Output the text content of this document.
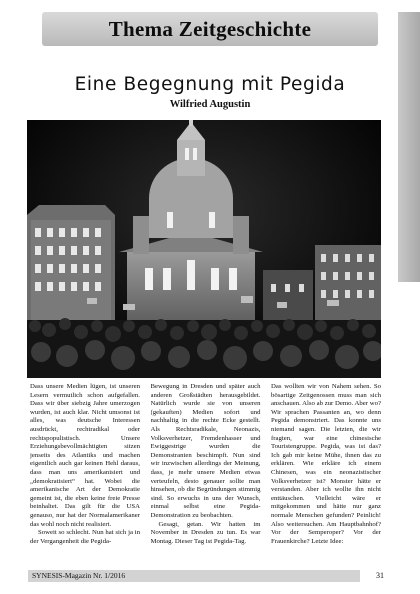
Thema Zeitgeschichte
Eine Begegnung mit Pegida
Wilfried Augustin

Dass unsere Medien lügen, ist unseren Lesern vermutlich schon aufgefallen. Dass wir über siebzig Jahre umerzogen wurden, ist auch klar. Nicht umsonst ist alles, was deutsche Interessen ausdrückt, rechtradikal oder rechtspopulistisch. Unsere Erziehungsbevollmächtigten sitzen jenseits des Atlantiks und machen eigentlich auch gar keinen Hehl daraus, dass man uns amerikanisiert und „demokratisiert“ hat. Wobei die amerikanische Art der Demokratie gemeint ist, die eben keine freie Presse beinhaltet. Das gilt für die USA genauso, nur hat der Normalamerikaner das wohl noch nicht realisiert.

Soweit so schlecht. Nun hat sich ja in der Vergangenheit die Pegida-

Bewegung in Dresden und später auch anderen Großstädten herausgebildet. Natürlich wurde sie von unseren (gekauften) Medien sofort und nachhaltig in die rechte Ecke gestellt. Als Rechtsradikale, Neonazis, Volksverhetzer, Fremdenhasser und Ewiggestrige wurden die Demonstranten beschimpft. Nun sind wir inzwischen allerdings der Meinung, dass, je mehr unsere Medien etwas verteufeln, desto genauer sollte man hinsehen, ob die Begründungen stimmig sind. So erwuchs in uns der Wunsch, einmal selbst eine Pegida-Demonstration zu beobachten.

Gesagt, getan. Wir hatten im November in Dresden zu tun. Es war Montag. Dieser Tag ist Pegida-Tag.

Das wollten wir von Nahem sehen. So bösartige Zeitgenossen muss man sich anschauen. Also ab zur Demo. Aber wo? Wir sprachen Passanten an, wo denn Pegida demonstriert. Das konnte uns niemand sagen. Die letzten, die wir fragten, war eine chinesische Touristengruppe. Pegida, was ist das? Ich gab mir keine Mühe, ihnen das zu erklären. Wie erkläre ich einem Chinesen, was ein neonazistischer Volksverhetzer ist? Monster hätte er verstanden. Aber ich wollte ihn nicht enttäuschen. Vielleicht wäre er mitgekommen und hätte nur ganz normale Menschen gefunden? Peinlich! Also weitersuchen. Am Hauptbahnhof? Vor der Semperoper? Vor der Frauenkirche? Letzte Idee:

SYNESIS-Magazin Nr. 1/2016	31
